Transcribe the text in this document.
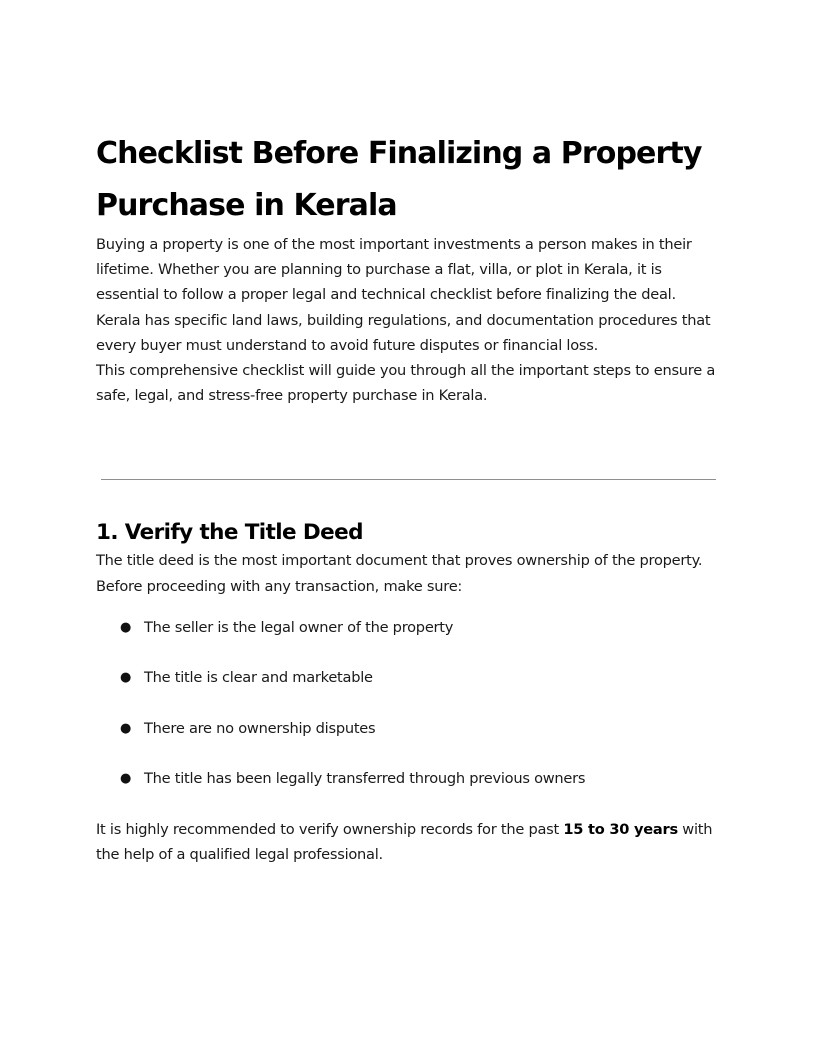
Checklist Before Finalizing a Property
Purchase in Kerala

Buying a property is one of the most important investments a person makes in their lifetime. Whether you are planning to purchase a flat, villa, or plot in Kerala, it is essential to follow a proper legal and technical checklist before finalizing the deal. Kerala has specific land laws, building regulations, and documentation procedures that every buyer must understand to avoid future disputes or financial loss.

This comprehensive checklist will guide you through all the important steps to ensure a safe, legal, and stress-free property purchase in Kerala.

1. Verify the Title Deed

The title deed is the most important document that proves ownership of the property. Before proceeding with any transaction, make sure:

● The seller is the legal owner of the property
● The title is clear and marketable
● There are no ownership disputes
● The title has been legally transferred through previous owners

It is highly recommended to verify ownership records for the past 15 to 30 years with the help of a qualified legal professional.
